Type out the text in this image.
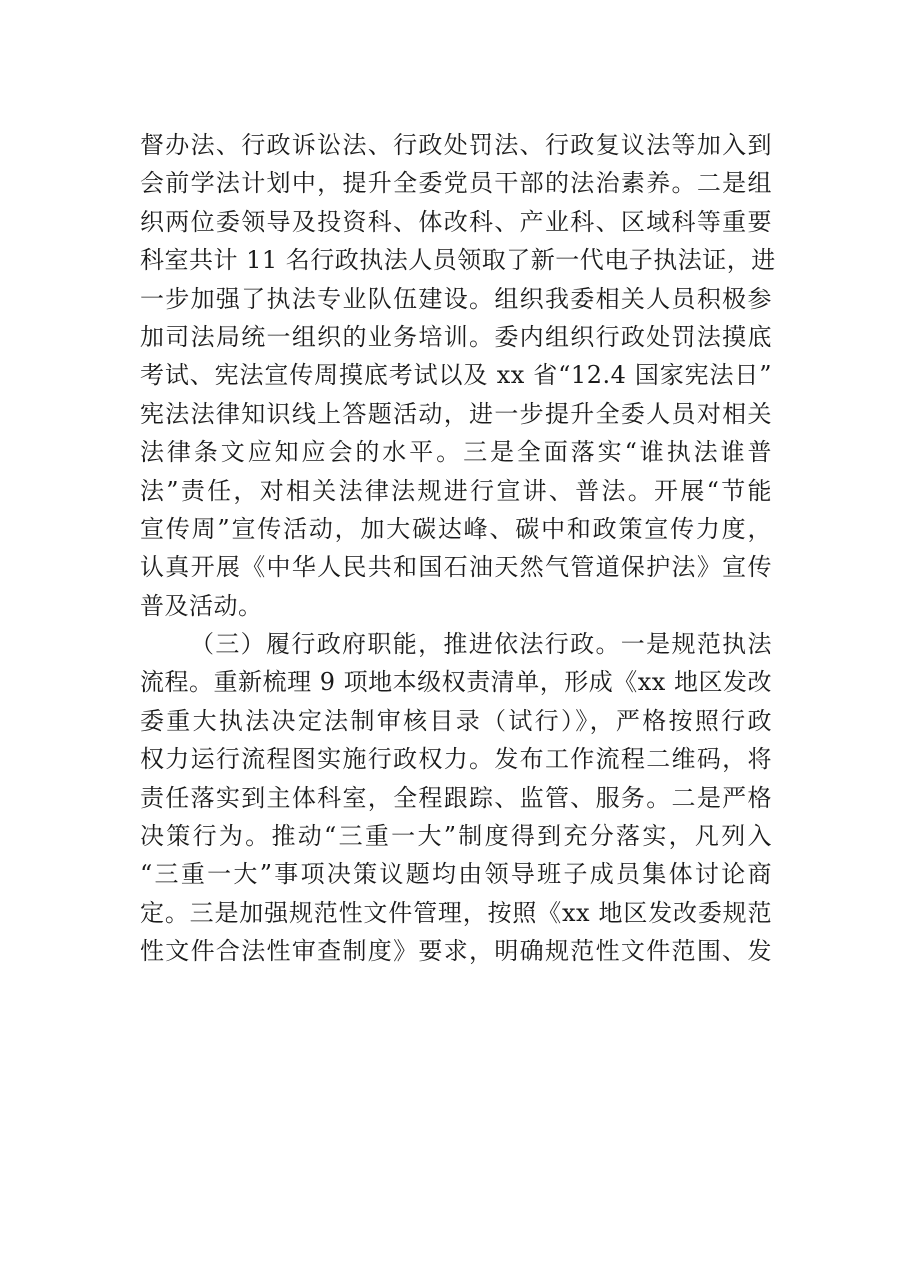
督办法、行政诉讼法、行政处罚法、行政复议法等加入到
会前学法计划中，提升全委党员干部的法治素养。二是组
织两位委领导及投资科、体改科、产业科、区域科等重要
科室共计 11 名行政执法人员领取了新一代电子执法证，进
一步加强了执法专业队伍建设。组织我委相关人员积极参
加司法局统一组织的业务培训。委内组织行政处罚法摸底
考试、宪法宣传周摸底考试以及 xx 省“12.4 国家宪法日”
宪法法律知识线上答题活动，进一步提升全委人员对相关
法律条文应知应会的水平。三是全面落实“谁执法谁普
法”责任，对相关法律法规进行宣讲、普法。开展“节能
宣传周”宣传活动，加大碳达峰、碳中和政策宣传力度，
认真开展《中华人民共和国石油天然气管道保护法》宣传
普及活动。
（三）履行政府职能，推进依法行政。一是规范执法
流程。重新梳理 9 项地本级权责清单，形成《xx 地区发改
委重大执法决定法制审核目录（试行）》，严格按照行政
权力运行流程图实施行政权力。发布工作流程二维码，将
责任落实到主体科室，全程跟踪、监管、服务。二是严格
决策行为。推动“三重一大”制度得到充分落实，凡列入
“三重一大”事项决策议题均由领导班子成员集体讨论商
定。三是加强规范性文件管理，按照《xx 地区发改委规范
性文件合法性审查制度》要求，明确规范性文件范围、发
